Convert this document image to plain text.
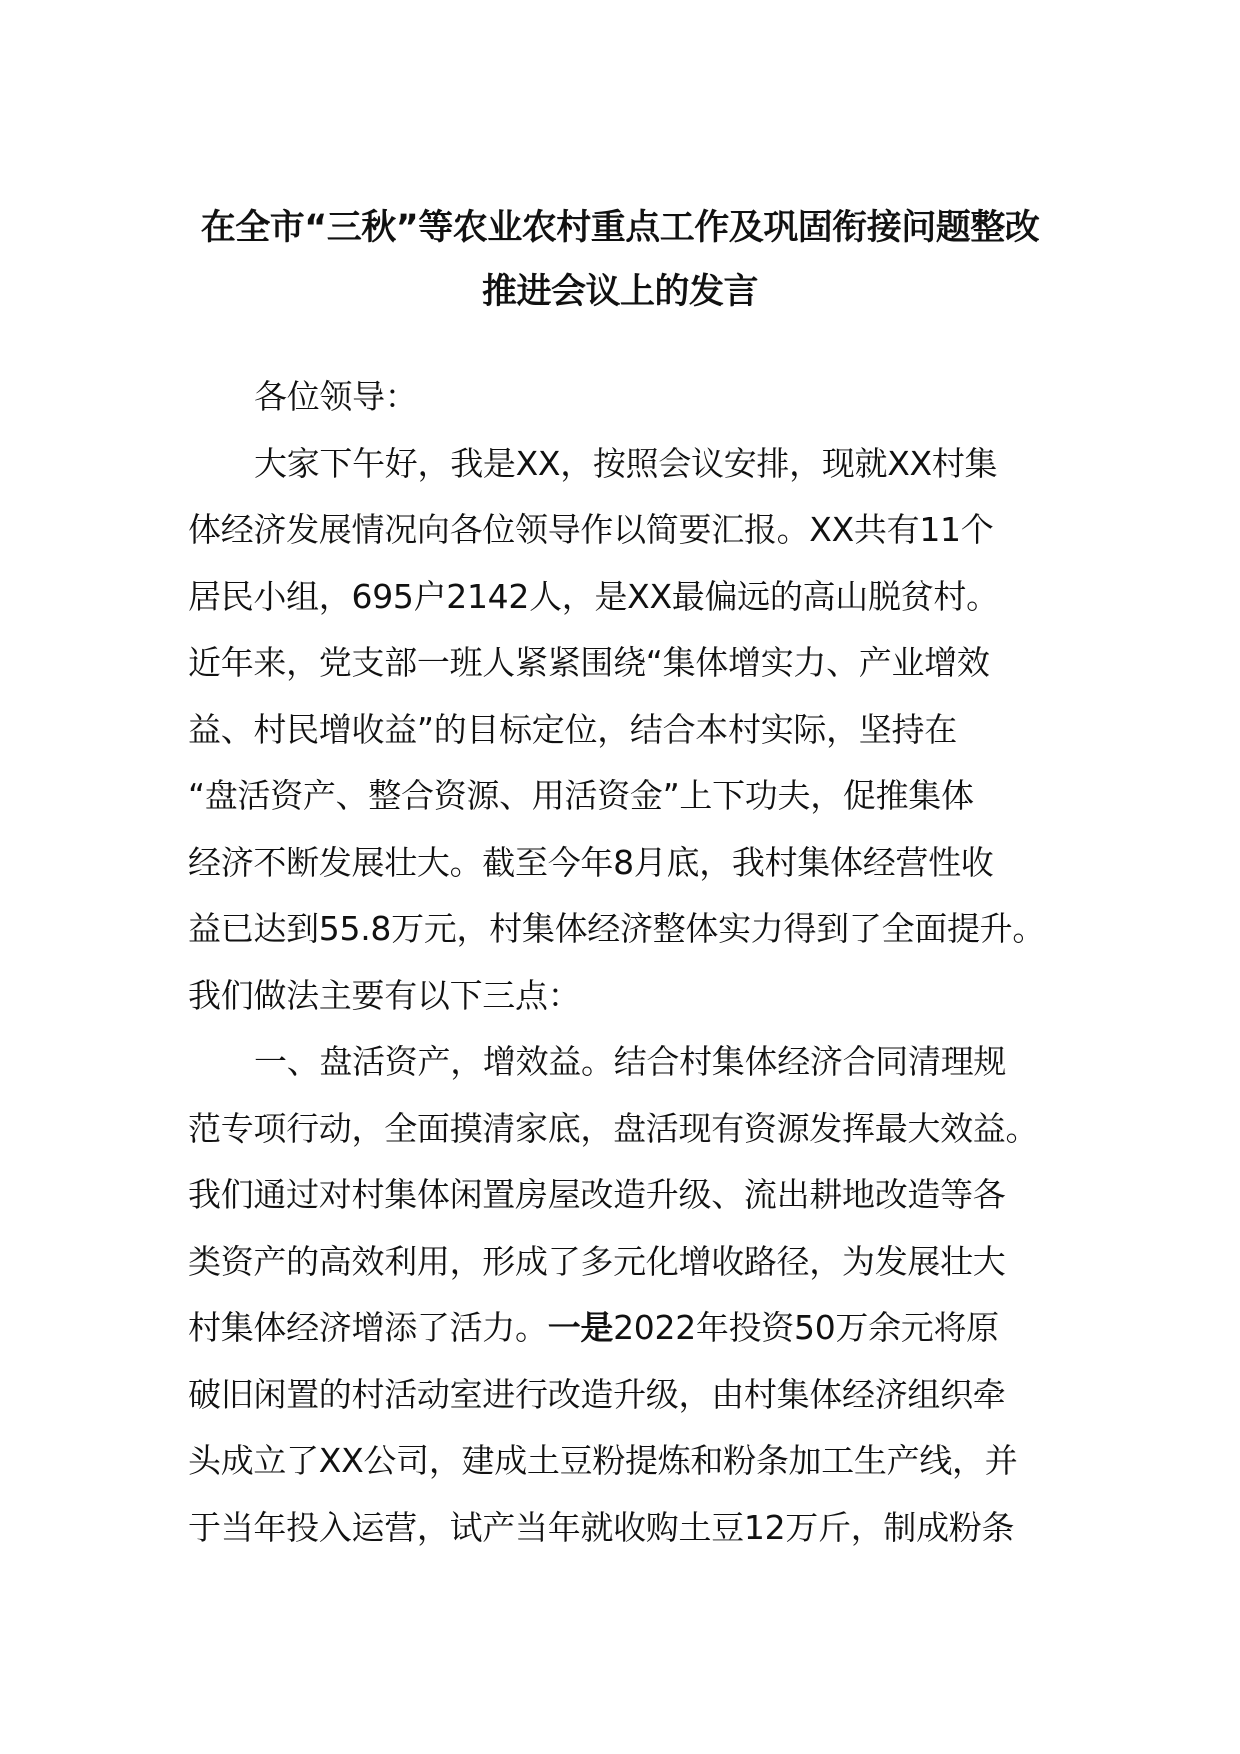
在全市“三秋”等农业农村重点工作及巩固衔接问题整改
推进会议上的发言
各位领导：
大家下午好，我是XX，按照会议安排，现就XX村集
体经济发展情况向各位领导作以简要汇报。XX共有11个
居民小组，695户2142人，是XX最偏远的高山脱贫村。
近年来，党支部一班人紧紧围绕“集体增实力、产业增效
益、村民增收益”的目标定位，结合本村实际，坚持在
“盘活资产、整合资源、用活资金”上下功夫，促推集体
经济不断发展壮大。截至今年8月底，我村集体经营性收
益已达到55.8万元，村集体经济整体实力得到了全面提升。
我们做法主要有以下三点：
一、盘活资产，增效益。结合村集体经济合同清理规
范专项行动，全面摸清家底，盘活现有资源发挥最大效益。
我们通过对村集体闲置房屋改造升级、流出耕地改造等各
类资产的高效利用，形成了多元化增收路径，为发展壮大
村集体经济增添了活力。一是2022年投资50万余元将原
破旧闲置的村活动室进行改造升级，由村集体经济组织牵
头成立了XX公司，建成土豆粉提炼和粉条加工生产线，并
于当年投入运营，试产当年就收购土豆12万斤，制成粉条
